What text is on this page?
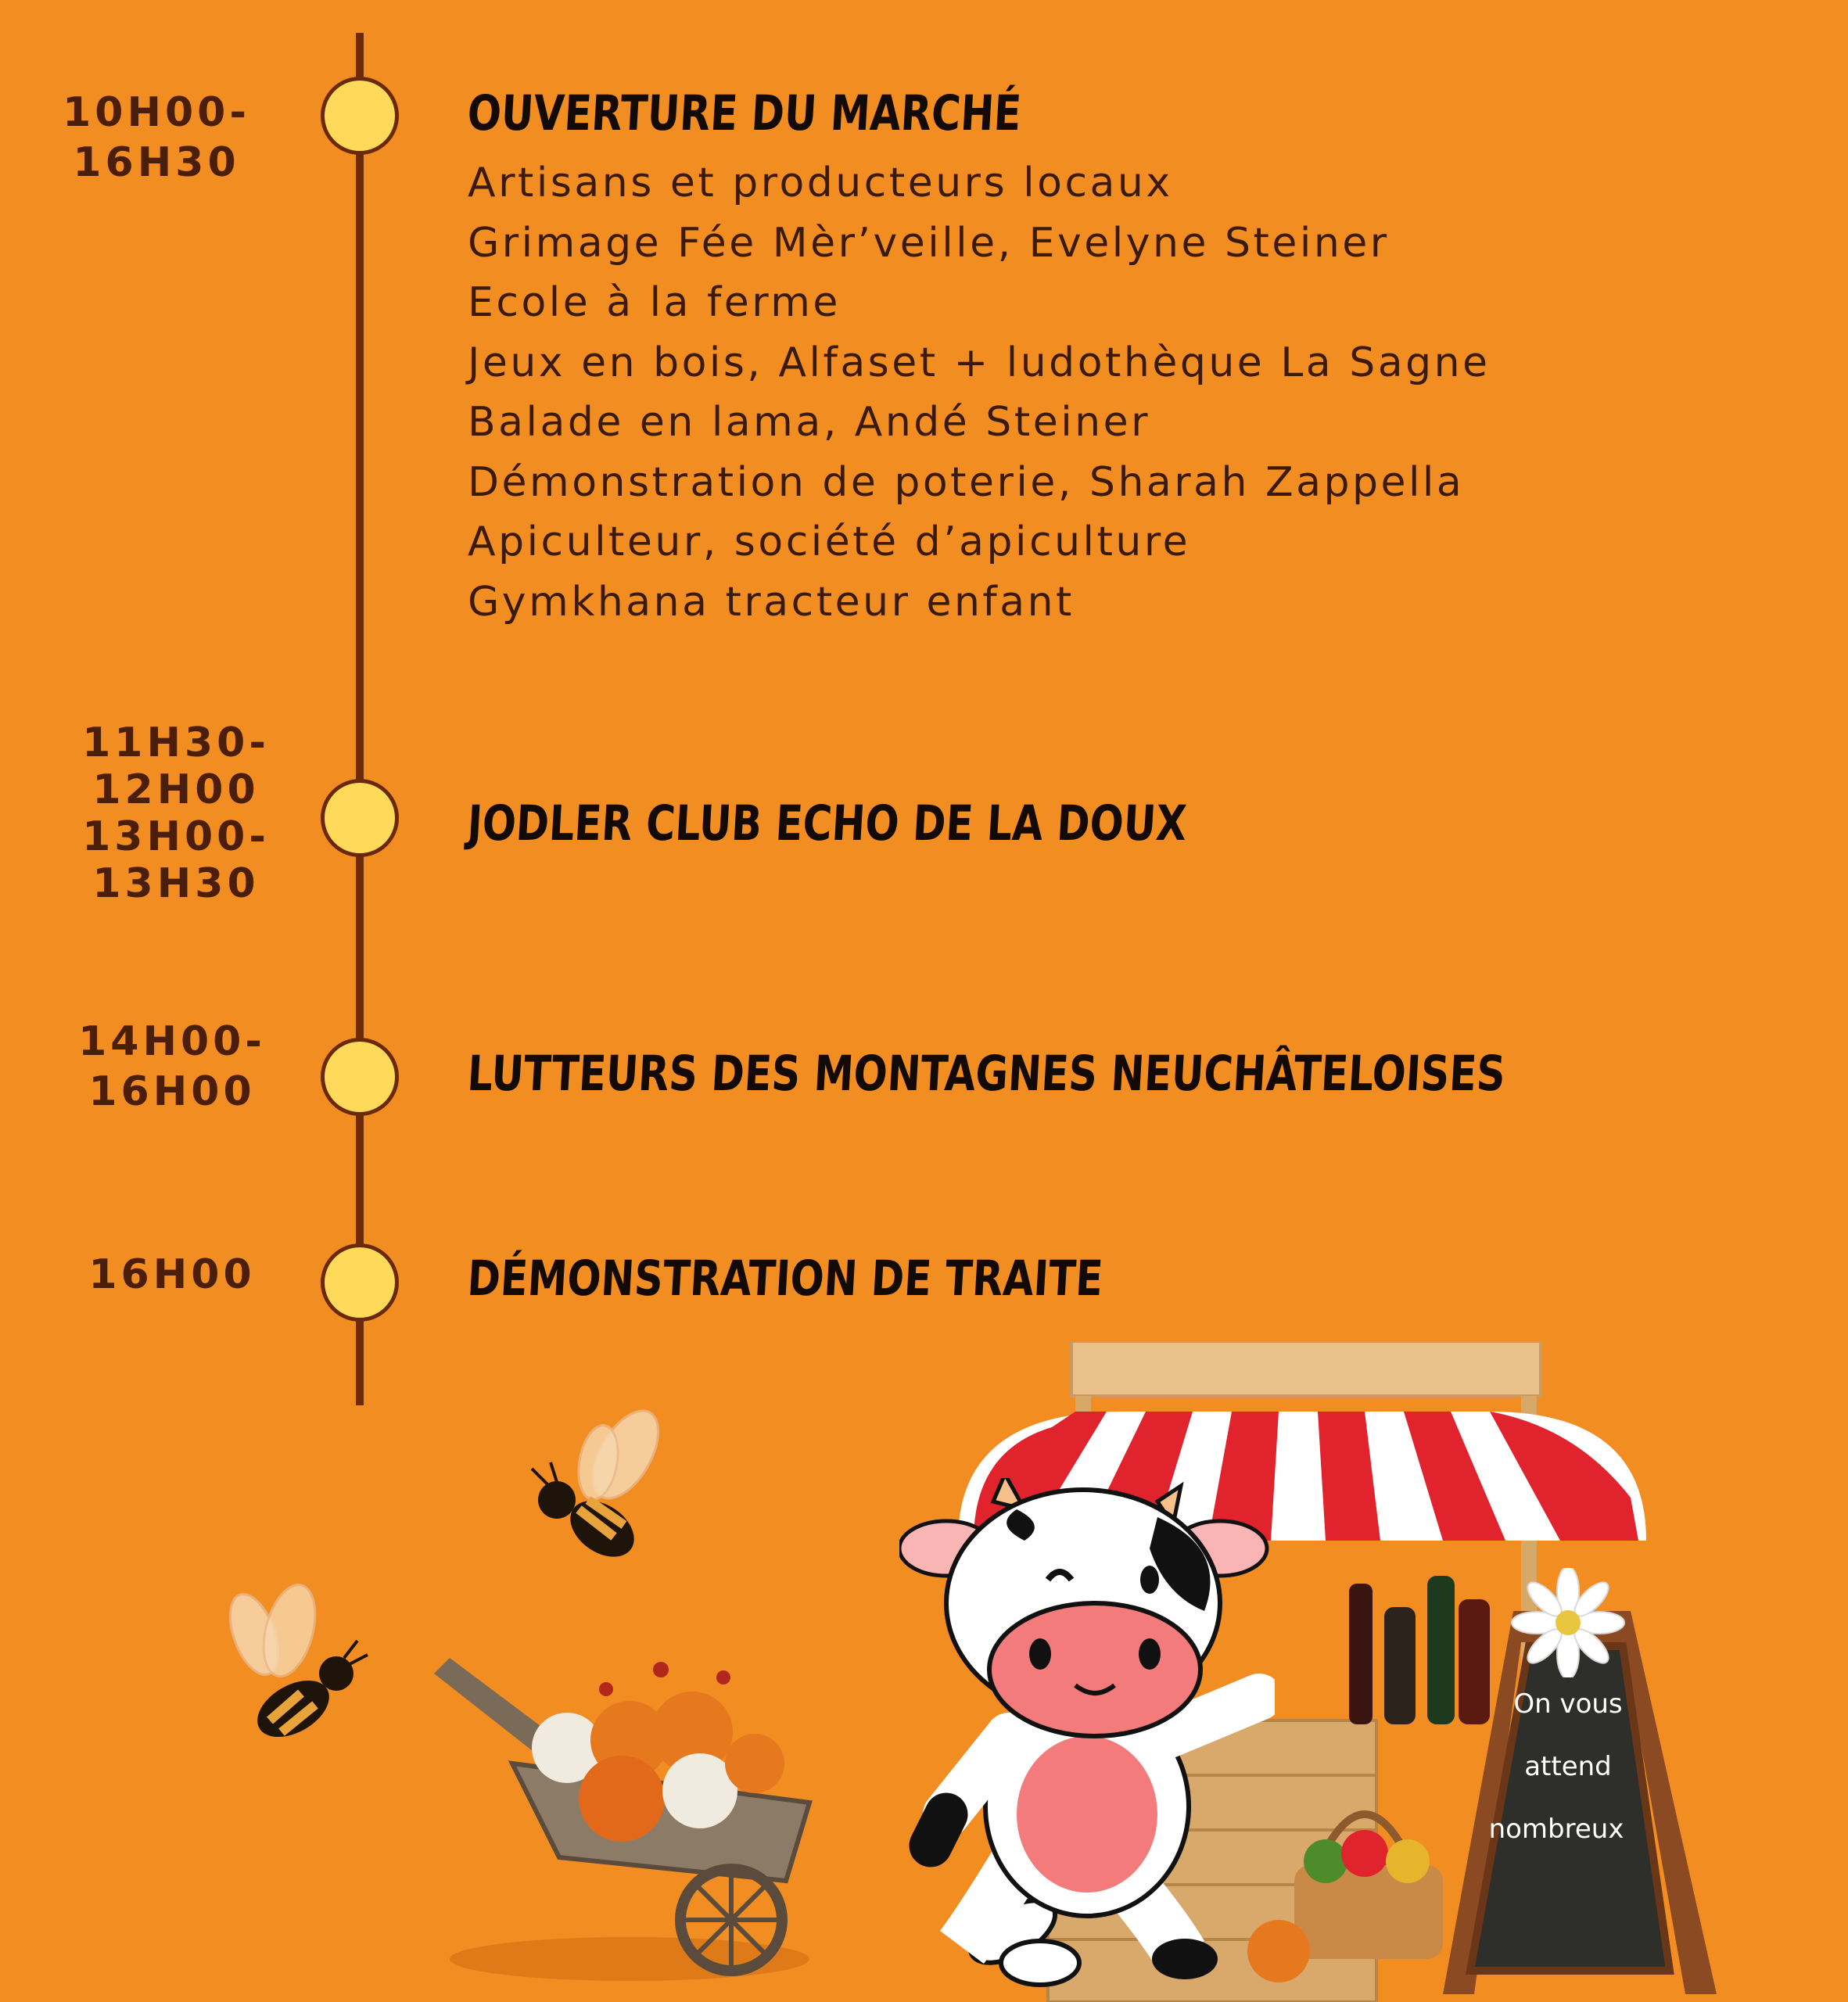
10H00-
16H30
11H30-
12H00
13H00-
13H30
14H00-
16H00
16H00
OUVERTURE DU MARCHÉ
JODLER CLUB ECHO DE LA DOUX
LUTTEURS DES MONTAGNES NEUCHÂTELOISES
DÉMONSTRATION DE TRAITE
Artisans et producteurs locaux
Grimage Fée Mèr’veille, Evelyne Steiner
Ecole à la ferme
Jeux en bois, Alfaset + ludothèque La Sagne
Balade en lama, Andé Steiner
Démonstration de poterie, Sharah Zappella
Apiculteur, société d’apiculture
Gymkhana tracteur enfant
On vous
attend
nombreux
